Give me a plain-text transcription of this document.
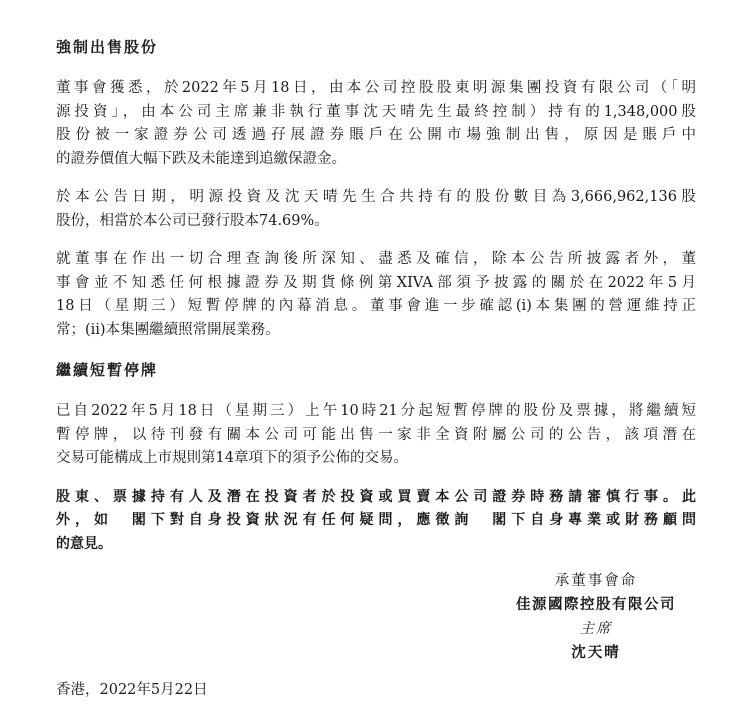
強制出售股份

董事會獲悉，於2022年5月18日，由本公司控股股東明源集團投資有限公司（「明
源投資」，由本公司主席兼非執行董事沈天晴先生最終控制）持有的1,348,000股
股份被一家證券公司透過孖展證券賬戶在公開市場強制出售，原因是賬戶中
的證券價值大幅下跌及未能達到追繳保證金。

於本公告日期，明源投資及沈天晴先生合共持有的股份數目為3,666,962,136股
股份，相當於本公司已發行股本74.69%。

就董事在作出一切合理查詢後所深知、盡悉及確信，除本公告所披露者外，董
事會並不知悉任何根據證券及期貨條例第XIVA部須予披露的關於在2022年5月
18日（星期三）短暫停牌的內幕消息。董事會進一步確認(i)本集團的營運維持正
常；(ii)本集團繼續照常開展業務。

繼續短暫停牌

已自2022年5月18日（星期三）上午10時21分起短暫停牌的股份及票據，將繼續短
暫停牌，以待刊發有關本公司可能出售一家非全資附屬公司的公告，該項潛在
交易可能構成上市規則第14章項下的須予公佈的交易。

股東、票據持有人及潛在投資者於投資或買賣本公司證券時務請審慎行事。此
外，如　閣下對自身投資狀況有任何疑問，應徵詢　閣下自身專業或財務顧問
的意見。

承董事會命
佳源國際控股有限公司
主席
沈天晴
香港，2022年5月22日
